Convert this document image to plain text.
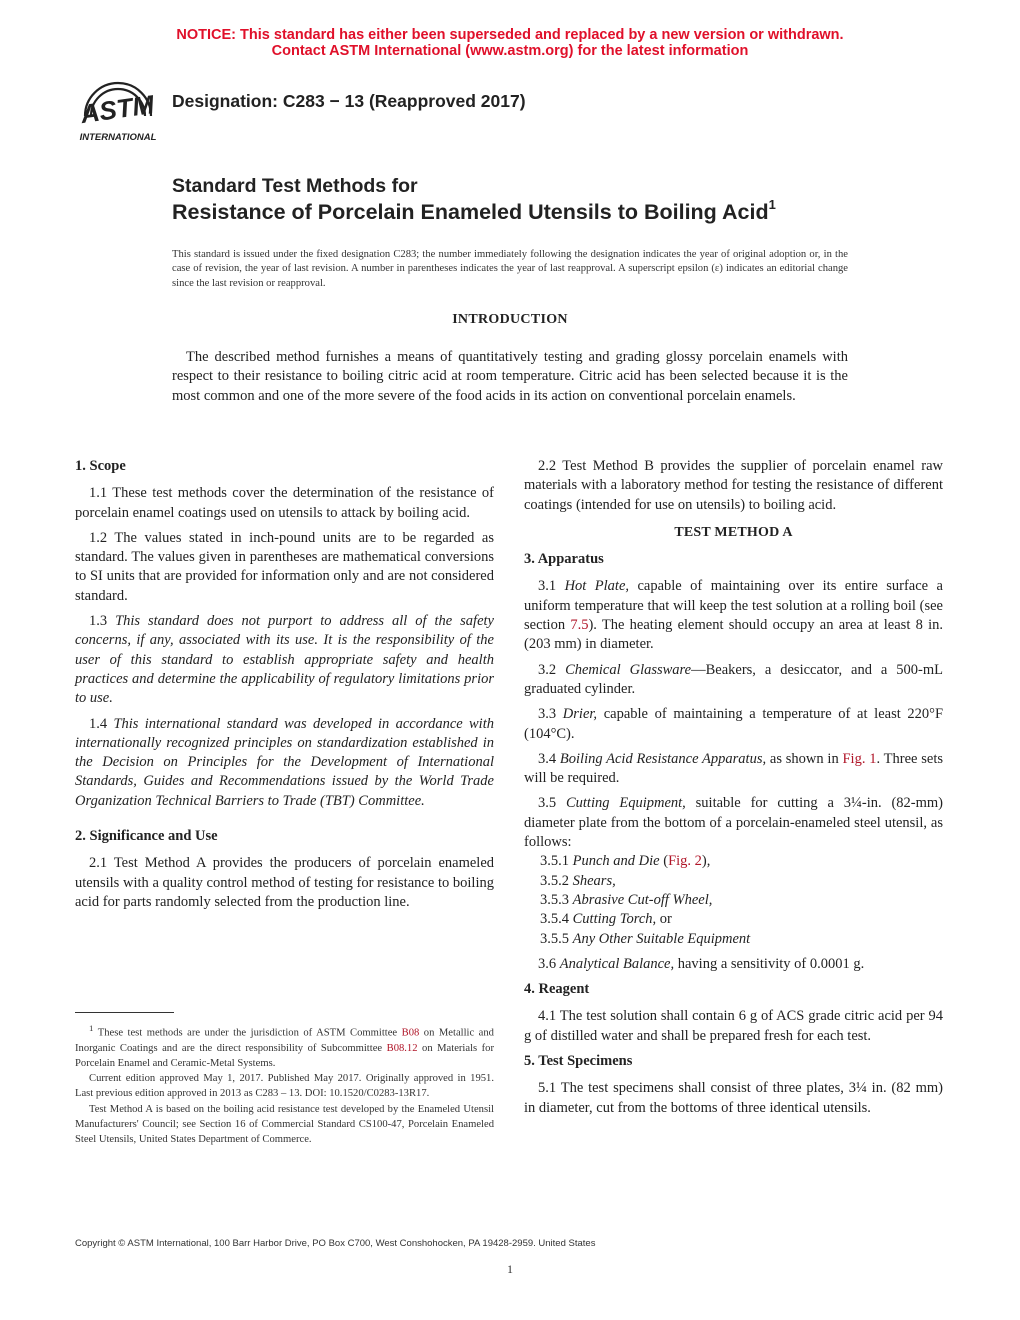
NOTICE: This standard has either been superseded and replaced by a new version or withdrawn.
Contact ASTM International (www.astm.org) for the latest information
ASTM
INTERNATIONAL
Designation: C283 − 13 (Reapproved 2017)
Standard Test Methods for
Resistance of Porcelain Enameled Utensils to Boiling Acid$^1$
This standard is issued under the fixed designation C283; the number immediately following the designation indicates the year of original adoption or, in the case of revision, the year of last revision. A number in parentheses indicates the year of last reapproval. A superscript epsilon (ε) indicates an editorial change since the last revision or reapproval.
INTRODUCTION
The described method furnishes a means of quantitatively testing and grading glossy porcelain enamels with respect to their resistance to boiling citric acid at room temperature. Citric acid has been selected because it is the most common and one of the more severe of the food acids in its action on conventional porcelain enamels.
1. Scope

1.1 These test methods cover the determination of the resistance of porcelain enamel coatings used on utensils to attack by boiling acid.

1.2 The values stated in inch-pound units are to be regarded as standard. The values given in parentheses are mathematical conversions to SI units that are provided for information only and are not considered standard.

1.3 This standard does not purport to address all of the safety concerns, if any, associated with its use. It is the responsibility of the user of this standard to establish appropriate safety and health practices and determine the applicability of regulatory limitations prior to use.

1.4 This international standard was developed in accordance with internationally recognized principles on standardization established in the Decision on Principles for the Development of International Standards, Guides and Recommendations issued by the World Trade Organization Technical Barriers to Trade (TBT) Committee.

2. Significance and Use

2.1 Test Method A provides the producers of porcelain enameled utensils with a quality control method of testing for resistance to boiling acid for parts randomly selected from the production line.

2.2 Test Method B provides the supplier of porcelain enamel raw materials with a laboratory method for testing the resistance of different coatings (intended for use on utensils) to boiling acid.

TEST METHOD A
3. Apparatus

3.1 Hot Plate, capable of maintaining over its entire surface a uniform temperature that will keep the test solution at a rolling boil (see section 7.5). The heating element should occupy an area at least 8 in. (203 mm) in diameter.

3.2 Chemical Glassware—Beakers, a desiccator, and a 500-mL graduated cylinder.

3.3 Drier, capable of maintaining a temperature of at least 220°F (104°C).

3.4 Boiling Acid Resistance Apparatus, as shown in Fig. 1. Three sets will be required.

3.5 Cutting Equipment, suitable for cutting a 3¼-in. (82-mm) diameter plate from the bottom of a porcelain-enameled steel utensil, as follows:

3.5.1 Punch and Die (Fig. 2),

3.5.2 Shears,

3.5.3 Abrasive Cut-off Wheel,

3.5.4 Cutting Torch, or

3.5.5 Any Other Suitable Equipment

3.6 Analytical Balance, having a sensitivity of 0.0001 g.

4. Reagent

4.1 The test solution shall contain 6 g of ACS grade citric acid per 94 g of distilled water and shall be prepared fresh for each test.

5. Test Specimens

5.1 The test specimens shall consist of three plates, 3¼ in. (82 mm) in diameter, cut from the bottoms of three identical utensils.

$^1$ These test methods are under the jurisdiction of ASTM Committee B08 on Metallic and Inorganic Coatings and are the direct responsibility of Subcommittee B08.12 on Materials for Porcelain Enamel and Ceramic-Metal Systems.

Current edition approved May 1, 2017. Published May 2017. Originally approved in 1951. Last previous edition approved in 2013 as C283 – 13. DOI: 10.1520/C0283-13R17.

Test Method A is based on the boiling acid resistance test developed by the Enameled Utensil Manufacturers' Council; see Section 16 of Commercial Standard CS100-47, Porcelain Enameled Steel Utensils, United States Department of Commerce.

Copyright © ASTM International, 100 Barr Harbor Drive, PO Box C700, West Conshohocken, PA 19428-2959. United States
1
